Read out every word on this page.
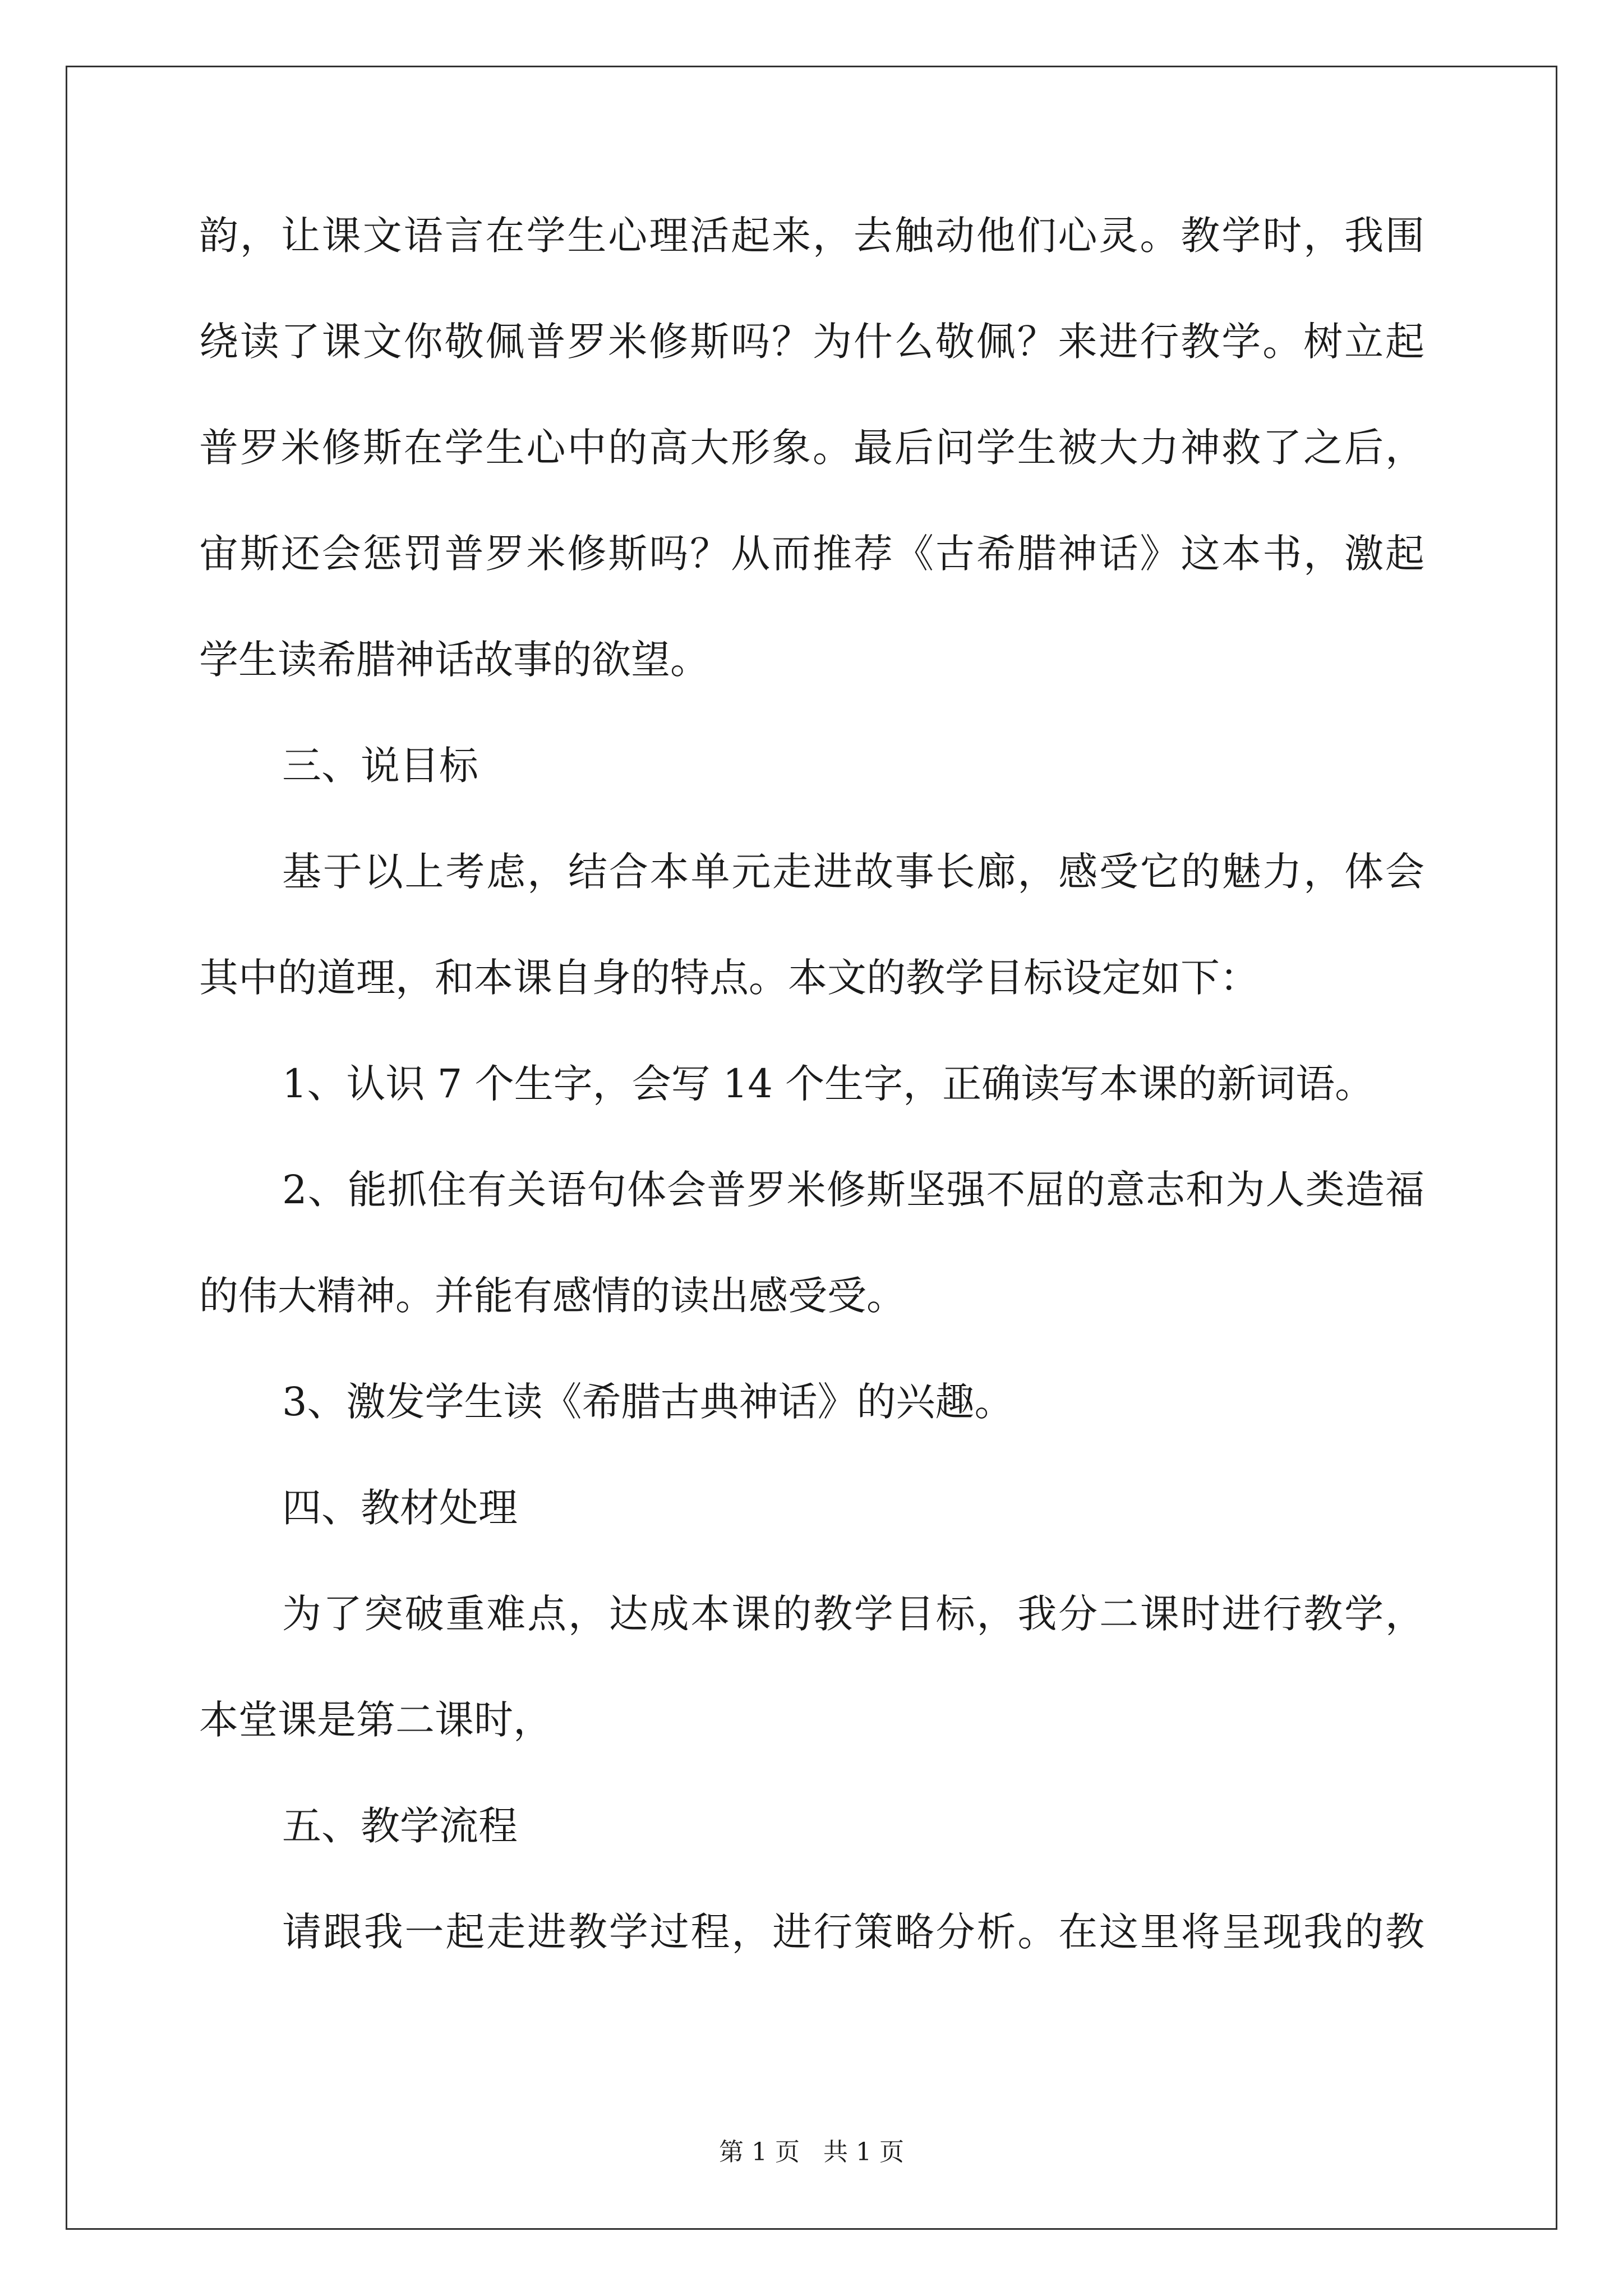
韵，让课文语言在学生心理活起来，去触动他们心灵。教学时，我围
绕读了课文你敬佩普罗米修斯吗？为什么敬佩？来进行教学。树立起
普罗米修斯在学生心中的高大形象。最后问学生被大力神救了之后，
宙斯还会惩罚普罗米修斯吗？从而推荐《古希腊神话》这本书，激起
学生读希腊神话故事的欲望。
三、说目标
基于以上考虑，结合本单元走进故事长廊，感受它的魅力，体会
其中的道理，和本课自身的特点。本文的教学目标设定如下：
1、认识 7 个生字，会写 14 个生字，正确读写本课的新词语。
2、能抓住有关语句体会普罗米修斯坚强不屈的意志和为人类造福
的伟大精神。并能有感情的读出感受受。
3、激发学生读《希腊古典神话》的兴趣。
四、教材处理
为了突破重难点，达成本课的教学目标，我分二课时进行教学，
本堂课是第二课时，
五、教学流程
请跟我一起走进教学过程，进行策略分析。在这里将呈现我的教
第 1 页 共 1 页
